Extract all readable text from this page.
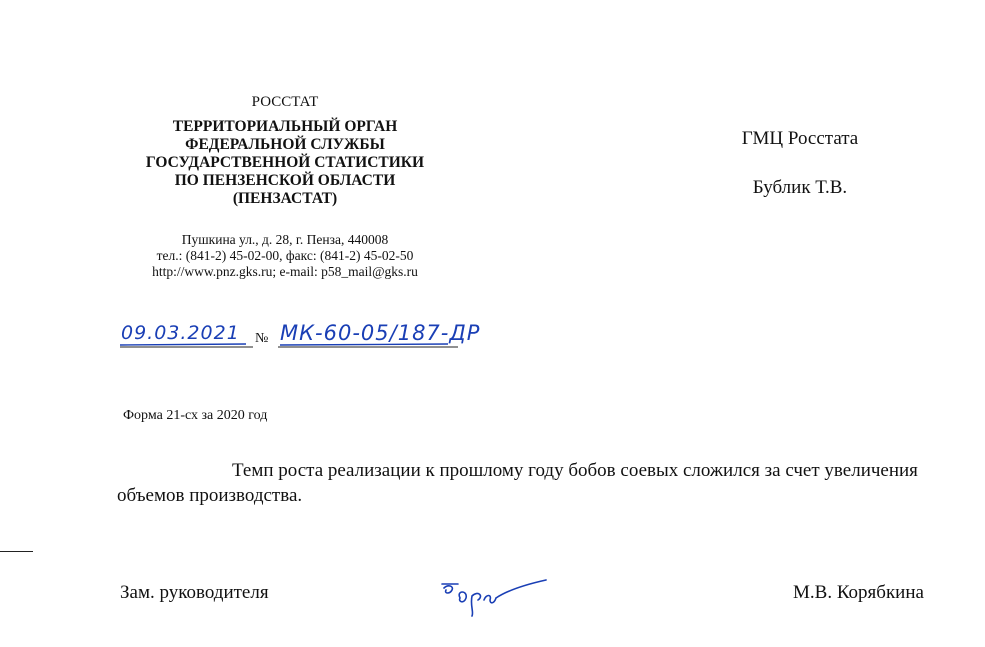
РОССТАТ
ТЕРРИТОРИАЛЬНЫЙ ОРГАН
ФЕДЕРАЛЬНОЙ СЛУЖБЫ
ГОСУДАРСТВЕННОЙ СТАТИСТИКИ
ПО ПЕНЗЕНСКОЙ ОБЛАСТИ
(ПЕНЗАСТАТ)
Пушкина ул., д. 28, г. Пенза, 440008
тел.: (841-2) 45-02-00, факс: (841-2) 45-02-50
http://www.pnz.gks.ru; e-mail: p58_mail@gks.ru
ГМЦ Росстата
Бублик Т.В.
09.03.2021 № МК-60-05/187-ДР
Форма 21-сх за 2020 год
Темп роста реализации к прошлому году бобов соевых сложился за счет увеличения объемов производства.
Зам. руководителя	М.В. Корябкина
